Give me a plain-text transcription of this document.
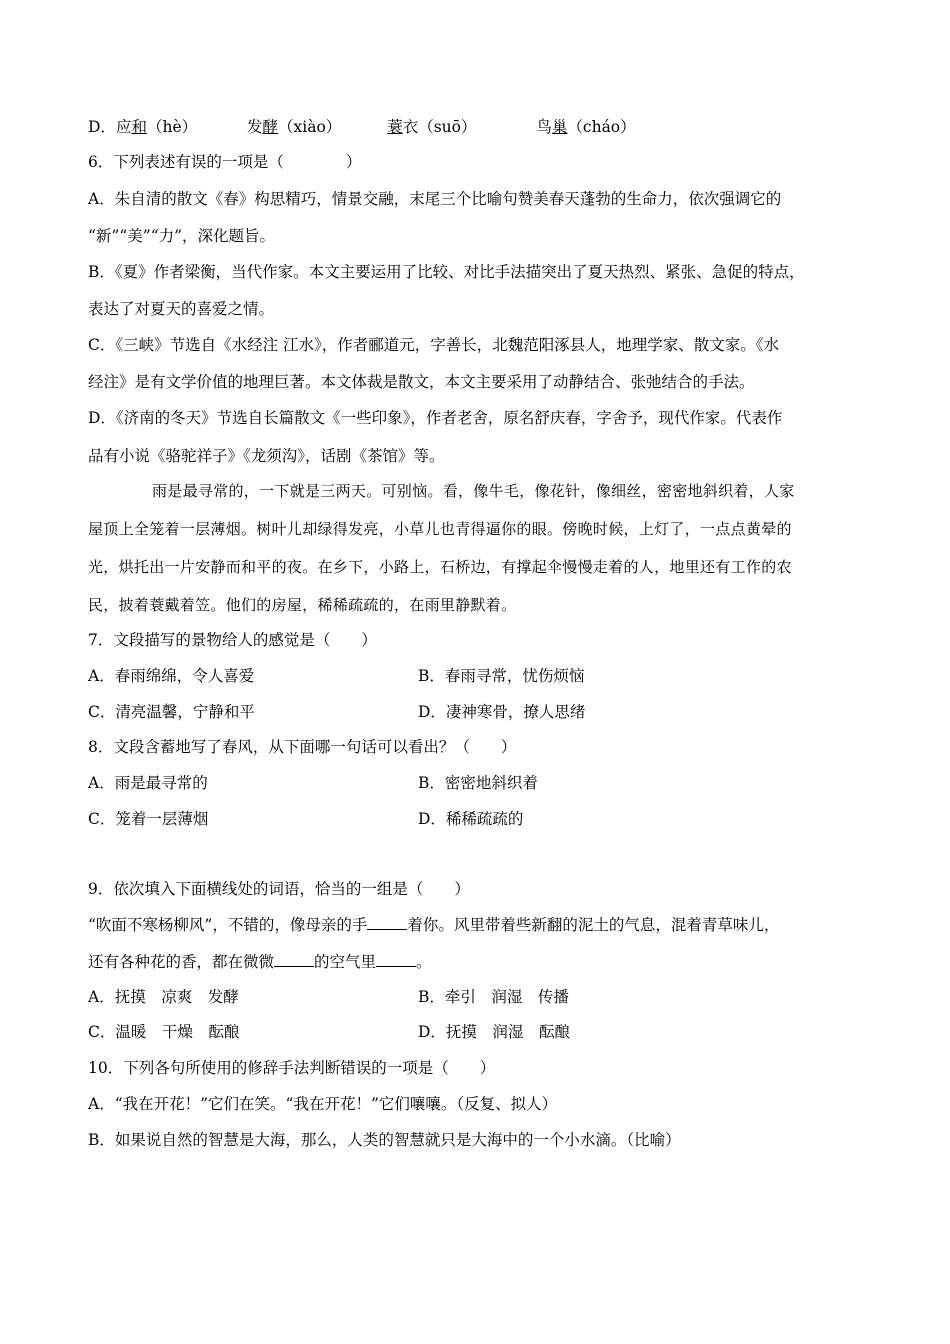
D．应和（hè）	发酵（xiào）	蓑衣（suō）	鸟巢（cháo）
6．下列表述有误的一项是（　　　　）
A．朱自清的散文《春》构思精巧，情景交融，末尾三个比喻句赞美春天蓬勃的生命力，依次强调它的
“新”“美”“力”，深化题旨。
B．《夏》作者梁衡，当代作家。本文主要运用了比较、对比手法描突出了夏天热烈、紧张、急促的特点，
表达了对夏天的喜爱之情。
C．《三峡》节选自《水经注 江水》，作者郦道元，字善长，北魏范阳涿县人，地理学家、散文家。《水
经注》是有文学价值的地理巨著。本文体裁是散文，本文主要采用了动静结合、张弛结合的手法。
D．《济南的冬天》节选自长篇散文《一些印象》，作者老舍，原名舒庆春，字舍予，现代作家。代表作
品有小说《骆驼祥子》《龙须沟》，话剧《茶馆》等。
雨是最寻常的，一下就是三两天。可别恼。看，像牛毛，像花针，像细丝，密密地斜织着，人家
屋顶上全笼着一层薄烟。树叶儿却绿得发亮，小草儿也青得逼你的眼。傍晚时候，上灯了，一点点黄晕的
光，烘托出一片安静而和平的夜。在乡下，小路上，石桥边，有撑起伞慢慢走着的人，地里还有工作的农
民，披着蓑戴着笠。他们的房屋，稀稀疏疏的，在雨里静默着。
7．文段描写的景物给人的感觉是（　　）
A．春雨绵绵，令人喜爱	B．春雨寻常，忧伤烦恼
C．清亮温馨，宁静和平	D．凄神寒骨，撩人思绪
8．文段含蓄地写了春风，从下面哪一句话可以看出？（　　）
A．雨是最寻常的	B．密密地斜织着
C．笼着一层薄烟	D．稀稀疏疏的
9．依次填入下面横线处的词语，恰当的一组是（　　）
“吹面不寒杨柳风”，不错的，像母亲的手	着你。风里带着些新翻的泥土的气息，混着青草味儿，
还有各种花的香，都在微微	的空气里	。
A．抚摸　凉爽　发酵	B．牵引　润湿　传播
C．温暖　干燥　酝酿	D．抚摸　润湿　酝酿
10．下列各句所使用的修辞手法判断错误的一项是（　　）
A．“我在开花！”它们在笑。“我在开花！”它们嚷嚷。（反复、拟人）
B．如果说自然的智慧是大海，那么，人类的智慧就只是大海中的一个小水滴。（比喻）
